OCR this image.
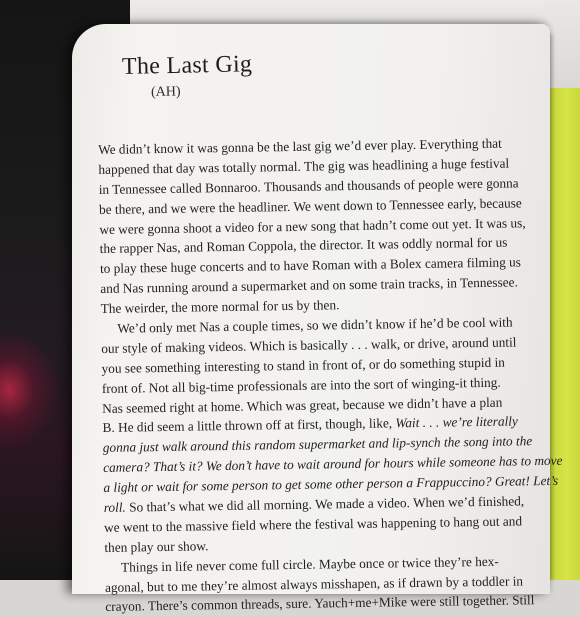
The Last Gig
(AH)
We didn’t know it was gonna be the last gig we’d ever play. Everything that
happened that day was totally normal. The gig was headlining a huge festival
in Tennessee called Bonnaroo. Thousands and thousands of people were gonna
be there, and we were the headliner. We went down to Tennessee early, because
we were gonna shoot a video for a new song that hadn’t come out yet. It was us,
the rapper Nas, and Roman Coppola, the director. It was oddly normal for us
to play these huge concerts and to have Roman with a Bolex camera filming us
and Nas running around a supermarket and on some train tracks, in Tennessee.
The weirder, the more normal for us by then.
We’d only met Nas a couple times, so we didn’t know if he’d be cool with
our style of making videos. Which is basically . . . walk, or drive, around until
you see something interesting to stand in front of, or do something stupid in
front of. Not all big-time professionals are into the sort of winging-it thing.
Nas seemed right at home. Which was great, because we didn’t have a plan
B. He did seem a little thrown off at first, though, like, Wait . . . we’re literally
gonna just walk around this random supermarket and lip-synch the song into the
camera? That’s it? We don’t have to wait around for hours while someone has to move
a light or wait for some person to get some other person a Frappuccino? Great! Let’s
roll. So that’s what we did all morning. We made a video. When we’d finished,
we went to the massive field where the festival was happening to hang out and
then play our show.
Things in life never come full circle. Maybe once or twice they’re hex-
agonal, but to me they’re almost always misshapen, as if drawn by a toddler in
crayon. There’s common threads, sure. Yauch+me+Mike were still together. Still
